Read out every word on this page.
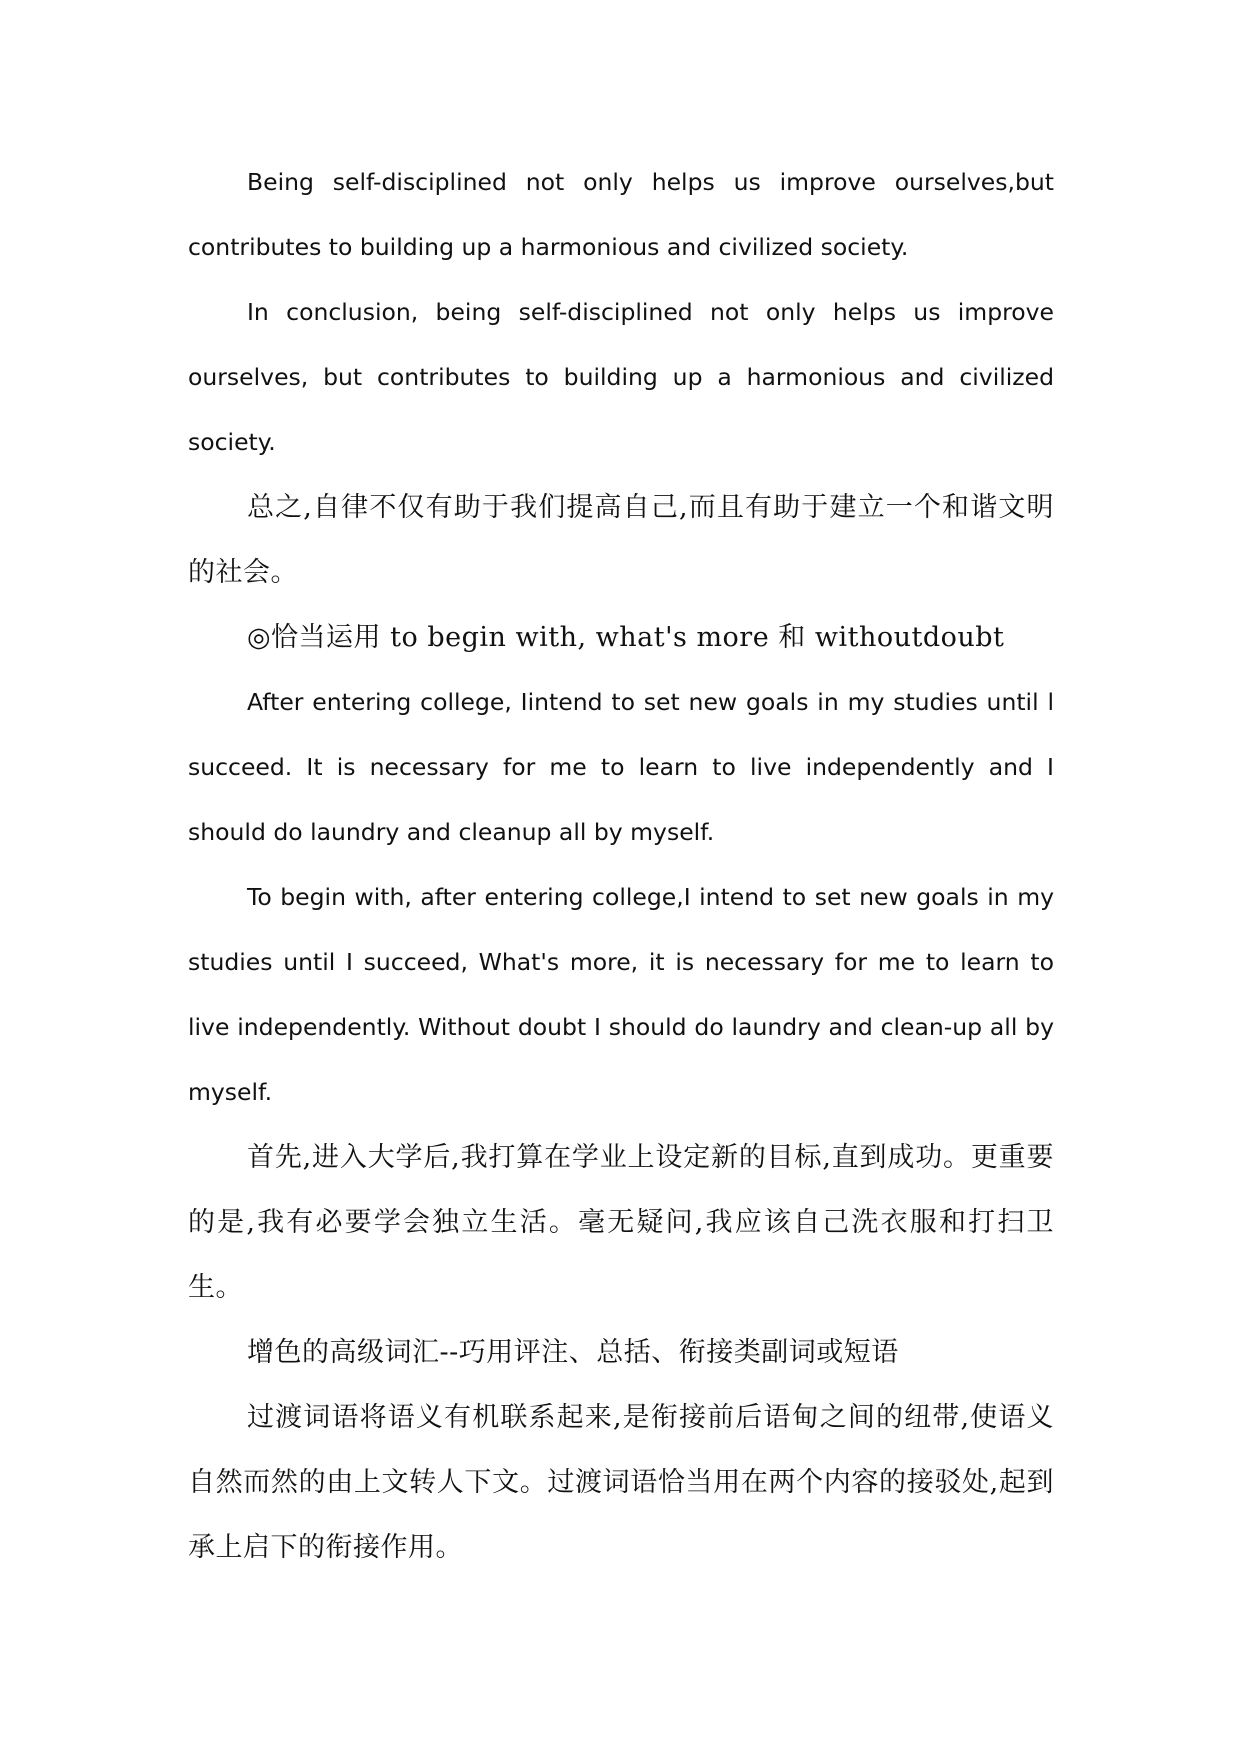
Being self-disciplined not only helps us improve ourselves,but contributes to building up a harmonious and civilized society.

In conclusion, being self-disciplined not only helps us improve ourselves, but contributes to building up a harmonious and civilized society.

总之,自律不仅有助于我们提高自己,而且有助于建立一个和谐文明的社会。

◎恰当运用 to begin with, what's more 和 withoutdoubt

After entering college, Iintend to set new goals in my studies until l succeed. It is necessary for me to learn to live independently and I should do laundry and cleanup all by myself.

To begin with, after entering college,I intend to set new goals in my studies until I succeed, What's more, it is necessary for me to learn to live independently. Without doubt I should do laundry and clean-up all by myself.

首先,进入大学后,我打算在学业上设定新的目标,直到成功。更重要的是,我有必要学会独立生活。毫无疑问,我应该自己洗衣服和打扫卫生。

增色的高级词汇--巧用评注、总括、衔接类副词或短语

过渡词语将语义有机联系起来,是衔接前后语甸之间的纽带,使语义自然而然的由上文转人下文。过渡词语恰当用在两个内容的接驳处,起到承上启下的衔接作用。
